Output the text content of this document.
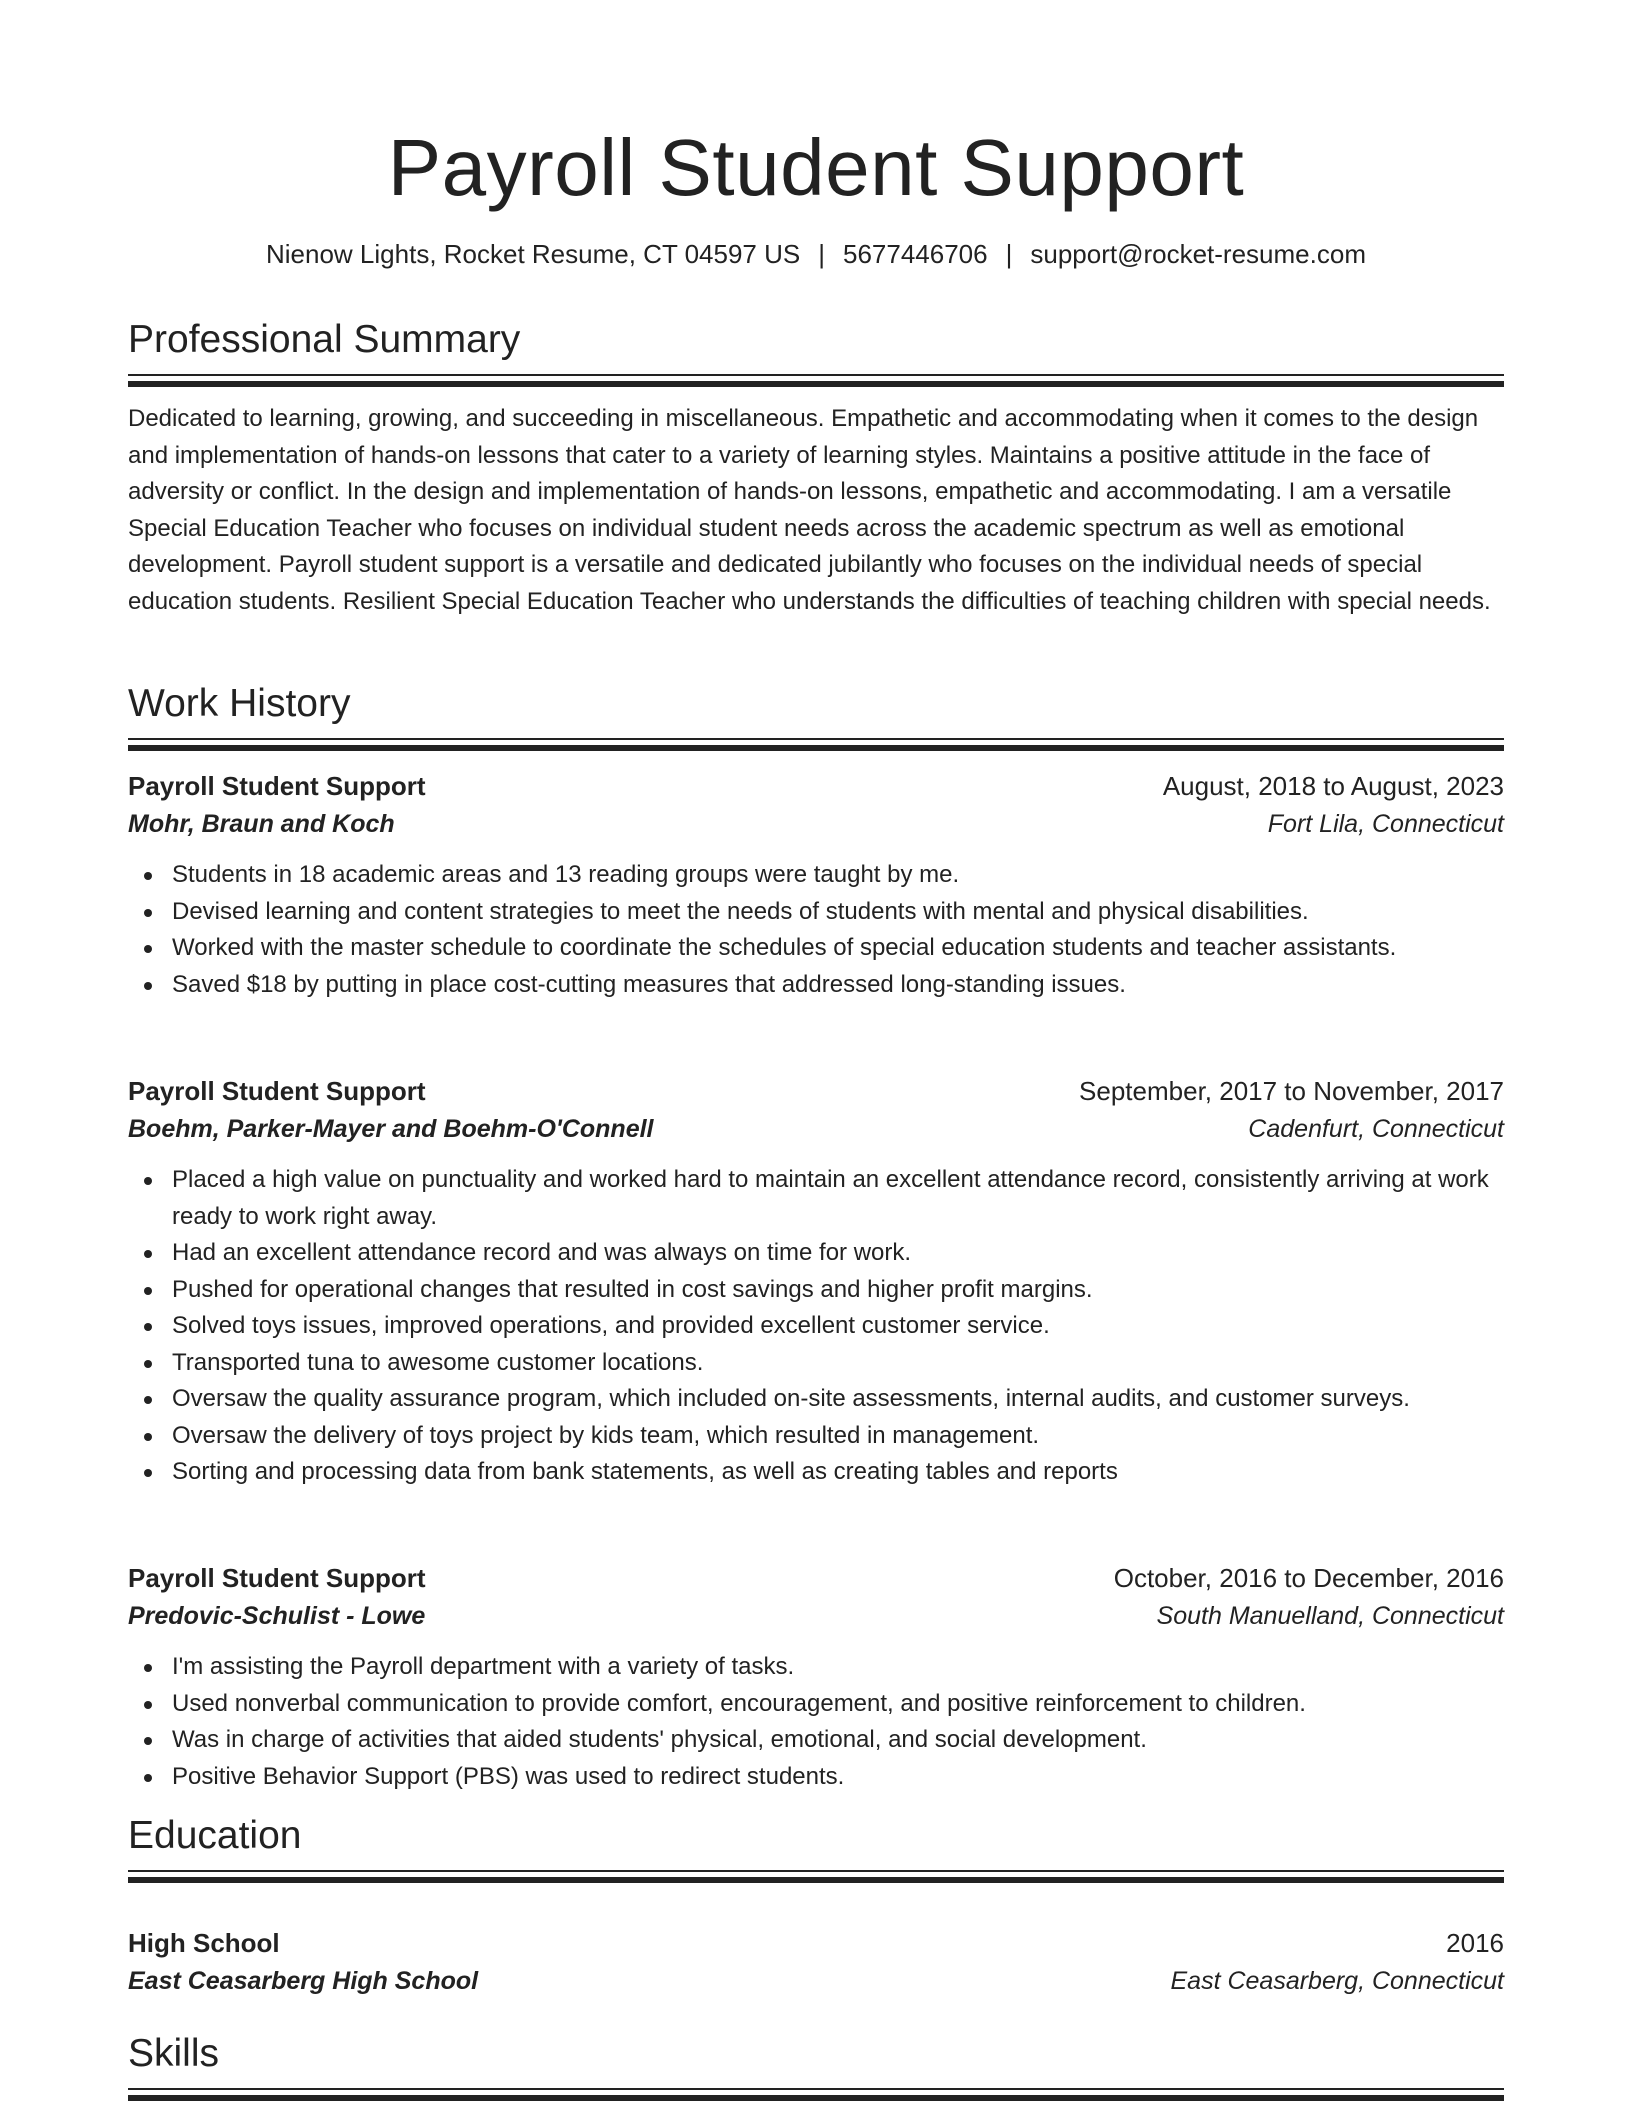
Payroll Student Support
Nienow Lights, Rocket Resume, CT 04597 US | 5677446706 | support@rocket-resume.com
Professional Summary

Dedicated to learning, growing, and succeeding in miscellaneous. Empathetic and accommodating when it comes to the design and implementation of hands-on lessons that cater to a variety of learning styles. Maintains a positive attitude in the face of adversity or conflict. In the design and implementation of hands-on lessons, empathetic and accommodating. I am a versatile Special Education Teacher who focuses on individual student needs across the academic spectrum as well as emotional development. Payroll student support is a versatile and dedicated jubilantly who focuses on the individual needs of special education students. Resilient Special Education Teacher who understands the difficulties of teaching children with special needs.

Work History
Payroll Student Support	August, 2018 to August, 2023
Mohr, Braun and Koch	Fort Lila, Connecticut
Students in 18 academic areas and 13 reading groups were taught by me.
Devised learning and content strategies to meet the needs of students with mental and physical disabilities.
Worked with the master schedule to coordinate the schedules of special education students and teacher assistants.
Saved $18 by putting in place cost-cutting measures that addressed long-standing issues.
Payroll Student Support	September, 2017 to November, 2017
Boehm, Parker-Mayer and Boehm-O'Connell	Cadenfurt, Connecticut
Placed a high value on punctuality and worked hard to maintain an excellent attendance record, consistently arriving at work ready to work right away.
Had an excellent attendance record and was always on time for work.
Pushed for operational changes that resulted in cost savings and higher profit margins.
Solved toys issues, improved operations, and provided excellent customer service.
Transported tuna to awesome customer locations.
Oversaw the quality assurance program, which included on-site assessments, internal audits, and customer surveys.
Oversaw the delivery of toys project by kids team, which resulted in management.
Sorting and processing data from bank statements, as well as creating tables and reports
Payroll Student Support	October, 2016 to December, 2016
Predovic-Schulist - Lowe	South Manuelland, Connecticut
I'm assisting the Payroll department with a variety of tasks.
Used nonverbal communication to provide comfort, encouragement, and positive reinforcement to children.
Was in charge of activities that aided students' physical, emotional, and social development.
Positive Behavior Support (PBS) was used to redirect students.
Education
High School	2016
East Ceasarberg High School	East Ceasarberg, Connecticut
Skills
